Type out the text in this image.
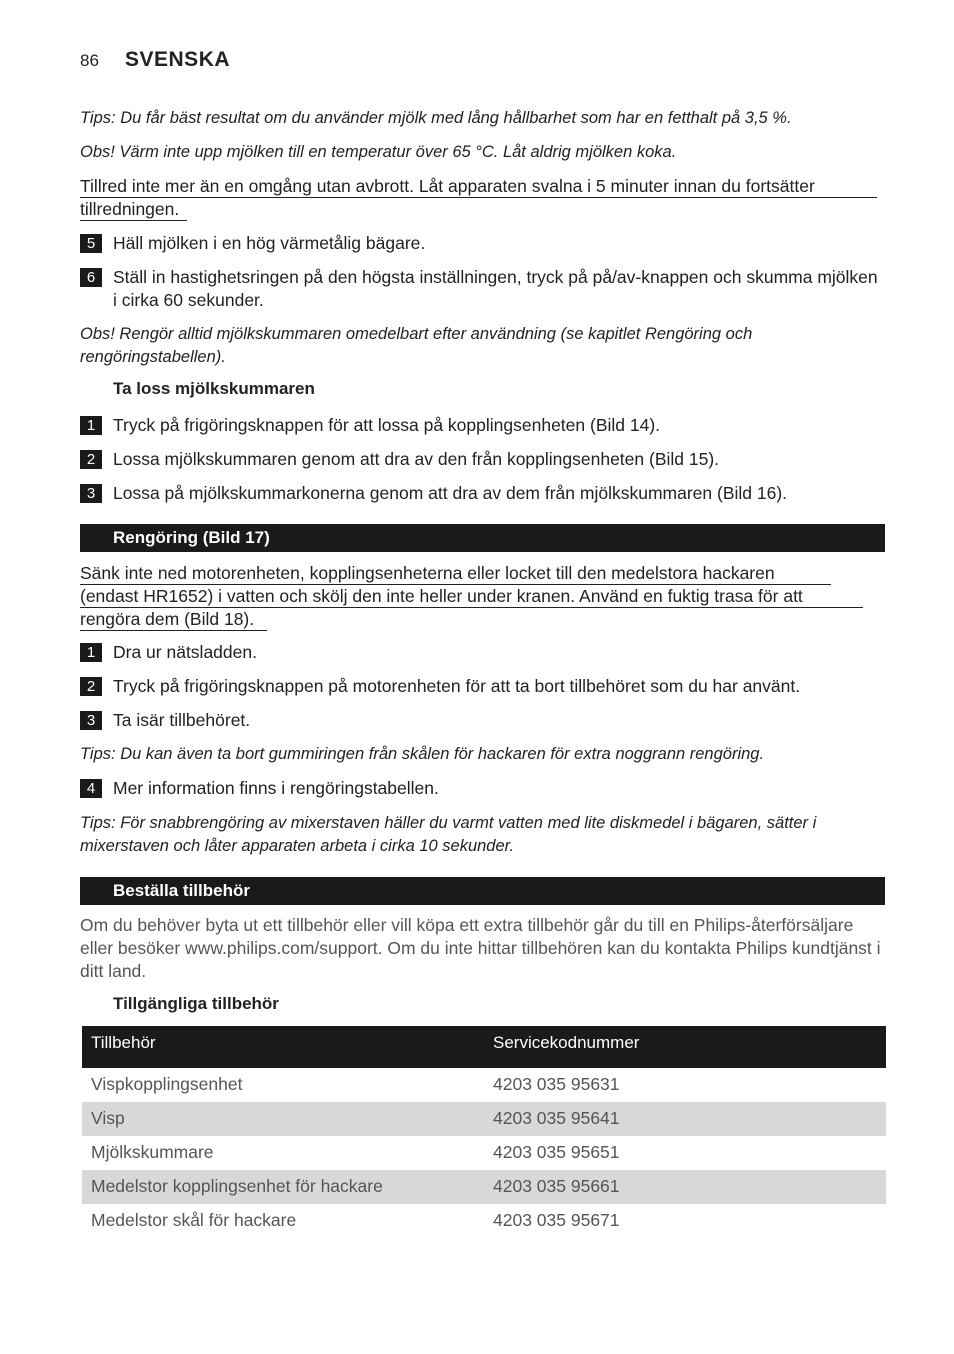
86 SVENSKA
Tips: Du får bäst resultat om du använder mjölk med lång hållbarhet som har en fetthalt på 3,5 %.
Obs! Värm inte upp mjölken till en temperatur över 65 °C. Låt aldrig mjölken koka.
Tillred inte mer än en omgång utan avbrott. Låt apparaten svalna i 5 minuter innan du fortsätter
tillredningen.
5	Häll mjölken i en hög värmetålig bägare.
6	Ställ in hastighetsringen på den högsta inställningen, tryck på på/av-knappen och skumma mjölken i cirka 60 sekunder.
Obs! Rengör alltid mjölkskummaren omedelbart efter användning (se kapitlet Rengöring och rengöringstabellen).
Ta loss mjölkskummaren
1	Tryck på frigöringsknappen för att lossa på kopplingsenheten (Bild 14).
2	Lossa mjölkskummaren genom att dra av den från kopplingsenheten (Bild 15).
3	Lossa på mjölkskummarkonerna genom att dra av dem från mjölkskummaren (Bild 16).
Rengöring (Bild 17)
Sänk inte ned motorenheten, kopplingsenheterna eller locket till den medelstora hackaren
(endast HR1652) i vatten och skölj den inte heller under kranen. Använd en fuktig trasa för att
rengöra dem (Bild 18).
1	Dra ur nätsladden.
2	Tryck på frigöringsknappen på motorenheten för att ta bort tillbehöret som du har använt.
3	Ta isär tillbehöret.
Tips: Du kan även ta bort gummiringen från skålen för hackaren för extra noggrann rengöring.
4	Mer information finns i rengöringstabellen.
Tips: För snabbrengöring av mixerstaven häller du varmt vatten med lite diskmedel i bägaren, sätter i mixerstaven och låter apparaten arbeta i cirka 10 sekunder.
Beställa tillbehör
Om du behöver byta ut ett tillbehör eller vill köpa ett extra tillbehör går du till en Philips-återförsäljare eller besöker www.philips.com/support. Om du inte hittar tillbehören kan du kontakta Philips kundtjänst i ditt land.
Tillgängliga tillbehör
Tillbehör	Servicekodnummer
Vispkopplingsenhet	4203 035 95631
Visp	4203 035 95641
Mjölkskummare	4203 035 95651
Medelstor kopplingsenhet för hackare	4203 035 95661
Medelstor skål för hackare	4203 035 95671
